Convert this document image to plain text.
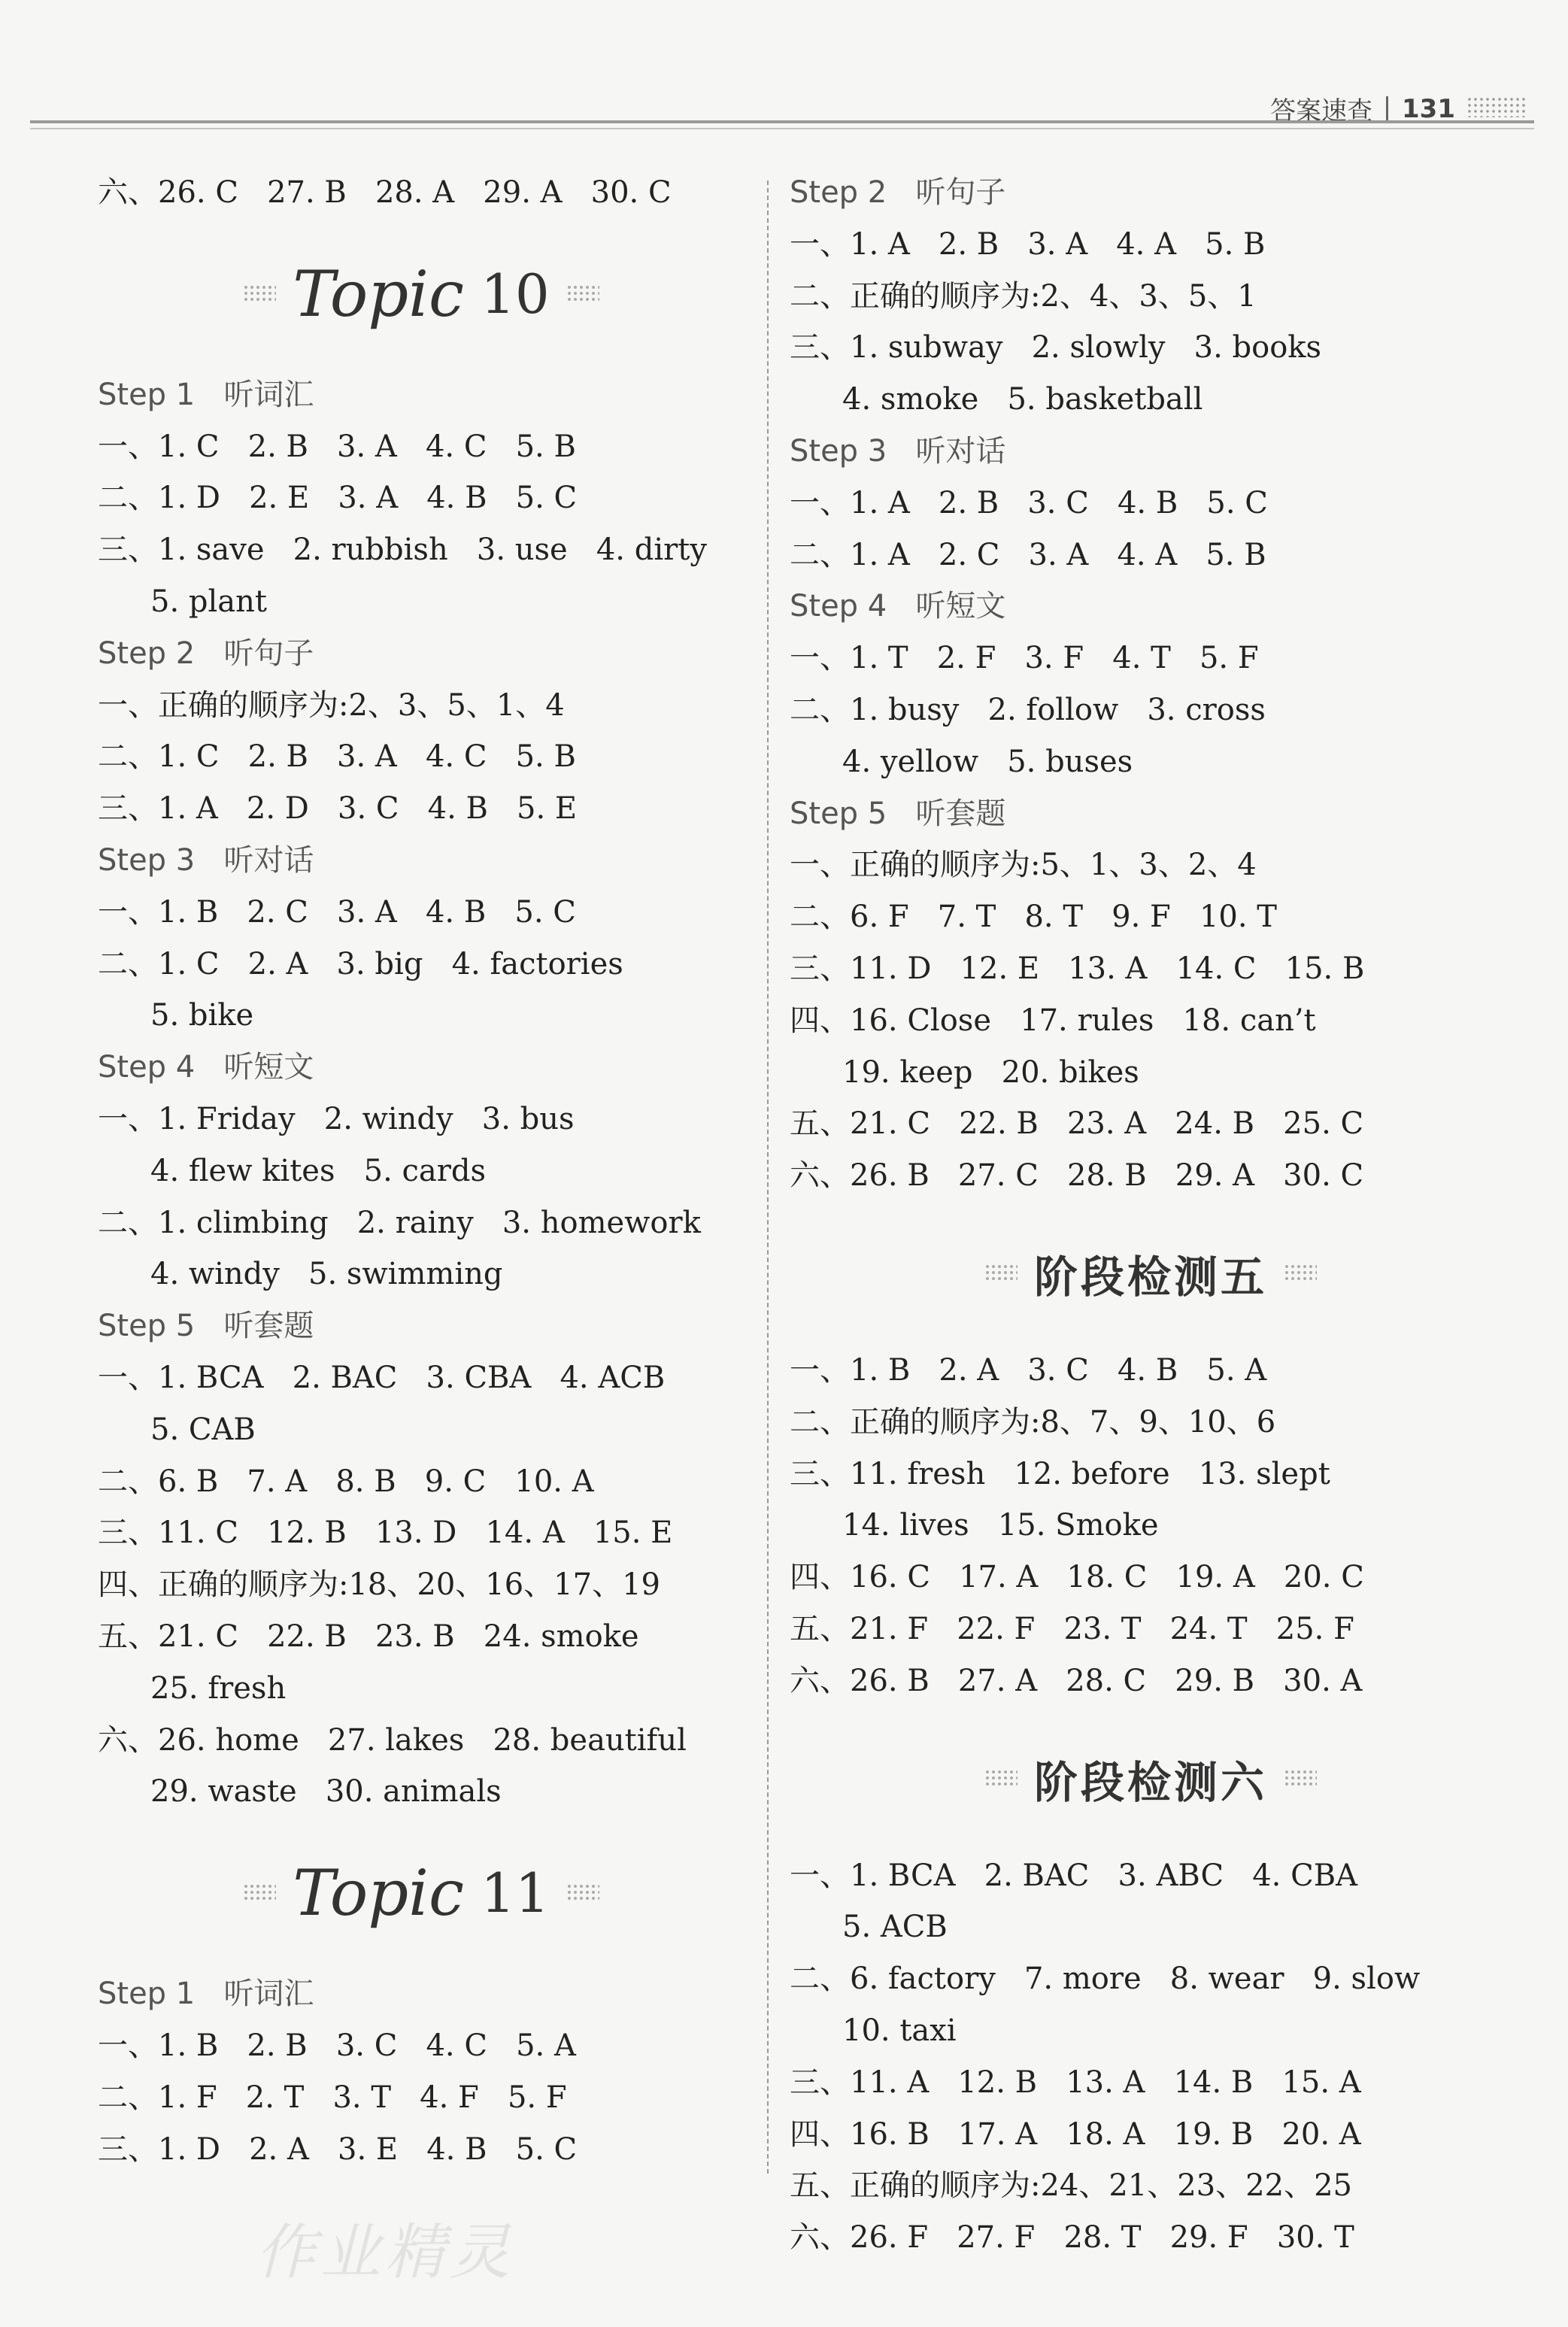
答案速查 131
六、26. C   27. B   28. A   29. A   30. C
Topic 10
Step 1   听词汇
一、1. C   2. B   3. A   4. C   5. B
二、1. D   2. E   3. A   4. B   5. C
三、1. save   2. rubbish   3. use   4. dirty
5. plant
Step 2   听句子
一、正确的顺序为:2、3、5、1、4
二、1. C   2. B   3. A   4. C   5. B
三、1. A   2. D   3. C   4. B   5. E
Step 3   听对话
一、1. B   2. C   3. A   4. B   5. C
二、1. C   2. A   3. big   4. factories
5. bike
Step 4   听短文
一、1. Friday   2. windy   3. bus
4. flew kites   5. cards
二、1. climbing   2. rainy   3. homework
4. windy   5. swimming
Step 5   听套题
一、1. BCA   2. BAC   3. CBA   4. ACB
5. CAB
二、6. B   7. A   8. B   9. C   10. A
三、11. C   12. B   13. D   14. A   15. E
四、正确的顺序为:18、20、16、17、19
五、21. C   22. B   23. B   24. smoke
25. fresh
六、26. home   27. lakes   28. beautiful
29. waste   30. animals
Topic 11
Step 1   听词汇
一、1. B   2. B   3. C   4. C   5. A
二、1. F   2. T   3. T   4. F   5. F
三、1. D   2. A   3. E   4. B   5. C
Step 2   听句子
一、1. A   2. B   3. A   4. A   5. B
二、正确的顺序为:2、4、3、5、1
三、1. subway   2. slowly   3. books
4. smoke   5. basketball
Step 3   听对话
一、1. A   2. B   3. C   4. B   5. C
二、1. A   2. C   3. A   4. A   5. B
Step 4   听短文
一、1. T   2. F   3. F   4. T   5. F
二、1. busy   2. follow   3. cross
4. yellow   5. buses
Step 5   听套题
一、正确的顺序为:5、1、3、2、4
二、6. F   7. T   8. T   9. F   10. T
三、11. D   12. E   13. A   14. C   15. B
四、16. Close   17. rules   18. can’t
19. keep   20. bikes
五、21. C   22. B   23. A   24. B   25. C
六、26. B   27. C   28. B   29. A   30. C
阶段检测五
一、1. B   2. A   3. C   4. B   5. A
二、正确的顺序为:8、7、9、10、6
三、11. fresh   12. before   13. slept
14. lives   15. Smoke
四、16. C   17. A   18. C   19. A   20. C
五、21. F   22. F   23. T   24. T   25. F
六、26. B   27. A   28. C   29. B   30. A
阶段检测六
一、1. BCA   2. BAC   3. ABC   4. CBA
5. ACB
二、6. factory   7. more   8. wear   9. slow
10. taxi
三、11. A   12. B   13. A   14. B   15. A
四、16. B   17. A   18. A   19. B   20. A
五、正确的顺序为:24、21、23、22、25
六、26. F   27. F   28. T   29. F   30. T
作业精灵
